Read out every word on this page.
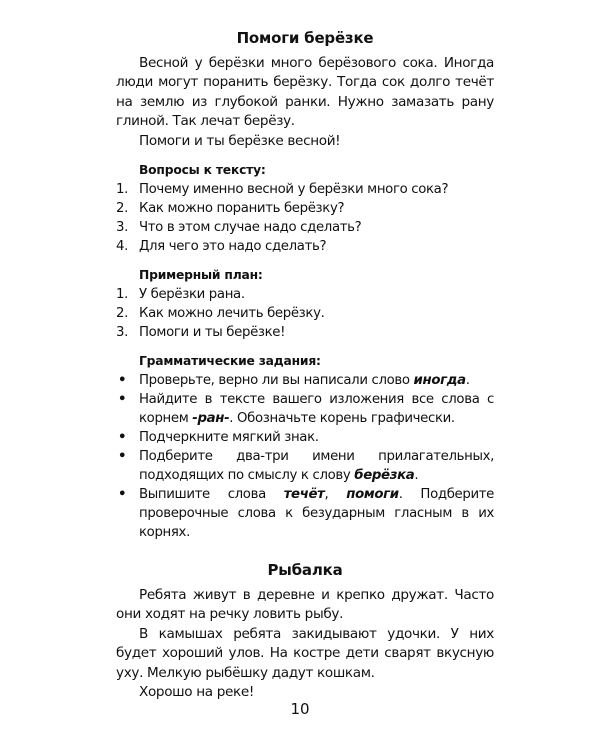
Помоги берёзке

Весной у берёзки много берёзового сока. Иногда люди могут поранить берёзку. Тогда сок долго течёт на землю из глубокой ранки. Нужно замазать рану глиной. Так лечат берёзу.

Помоги и ты берёзке весной!

Вопросы к тексту:
1. Почему именно весной у берёзки много сока?
2. Как можно поранить берёзку?
3. Что в этом случае надо сделать?
4. Для чего это надо сделать?
Примерный план:
1. У берёзки рана.
2. Как можно лечить берёзку.
3. Помоги и ты берёзке!
Грамматические задания:
• Проверьте, верно ли вы написали слово иногда.
• Найдите в тексте вашего изложения все слова с корнем -ран-. Обозначьте корень графически.
• Подчеркните мягкий знак.
• Подберите два-три имени прилагательных, подходящих по смыслу к слову берёзка.
• Выпишите слова течёт, помоги. Подберите проверочные слова к безударным гласным в их корнях.
Рыбалка

Ребята живут в деревне и крепко дружат. Часто они ходят на речку ловить рыбу.

В камышах ребята закидывают удочки. У них будет хороший улов. На костре дети сварят вкусную уху. Мелкую рыбёшку дадут кошкам.

Хорошо на реке!

10
